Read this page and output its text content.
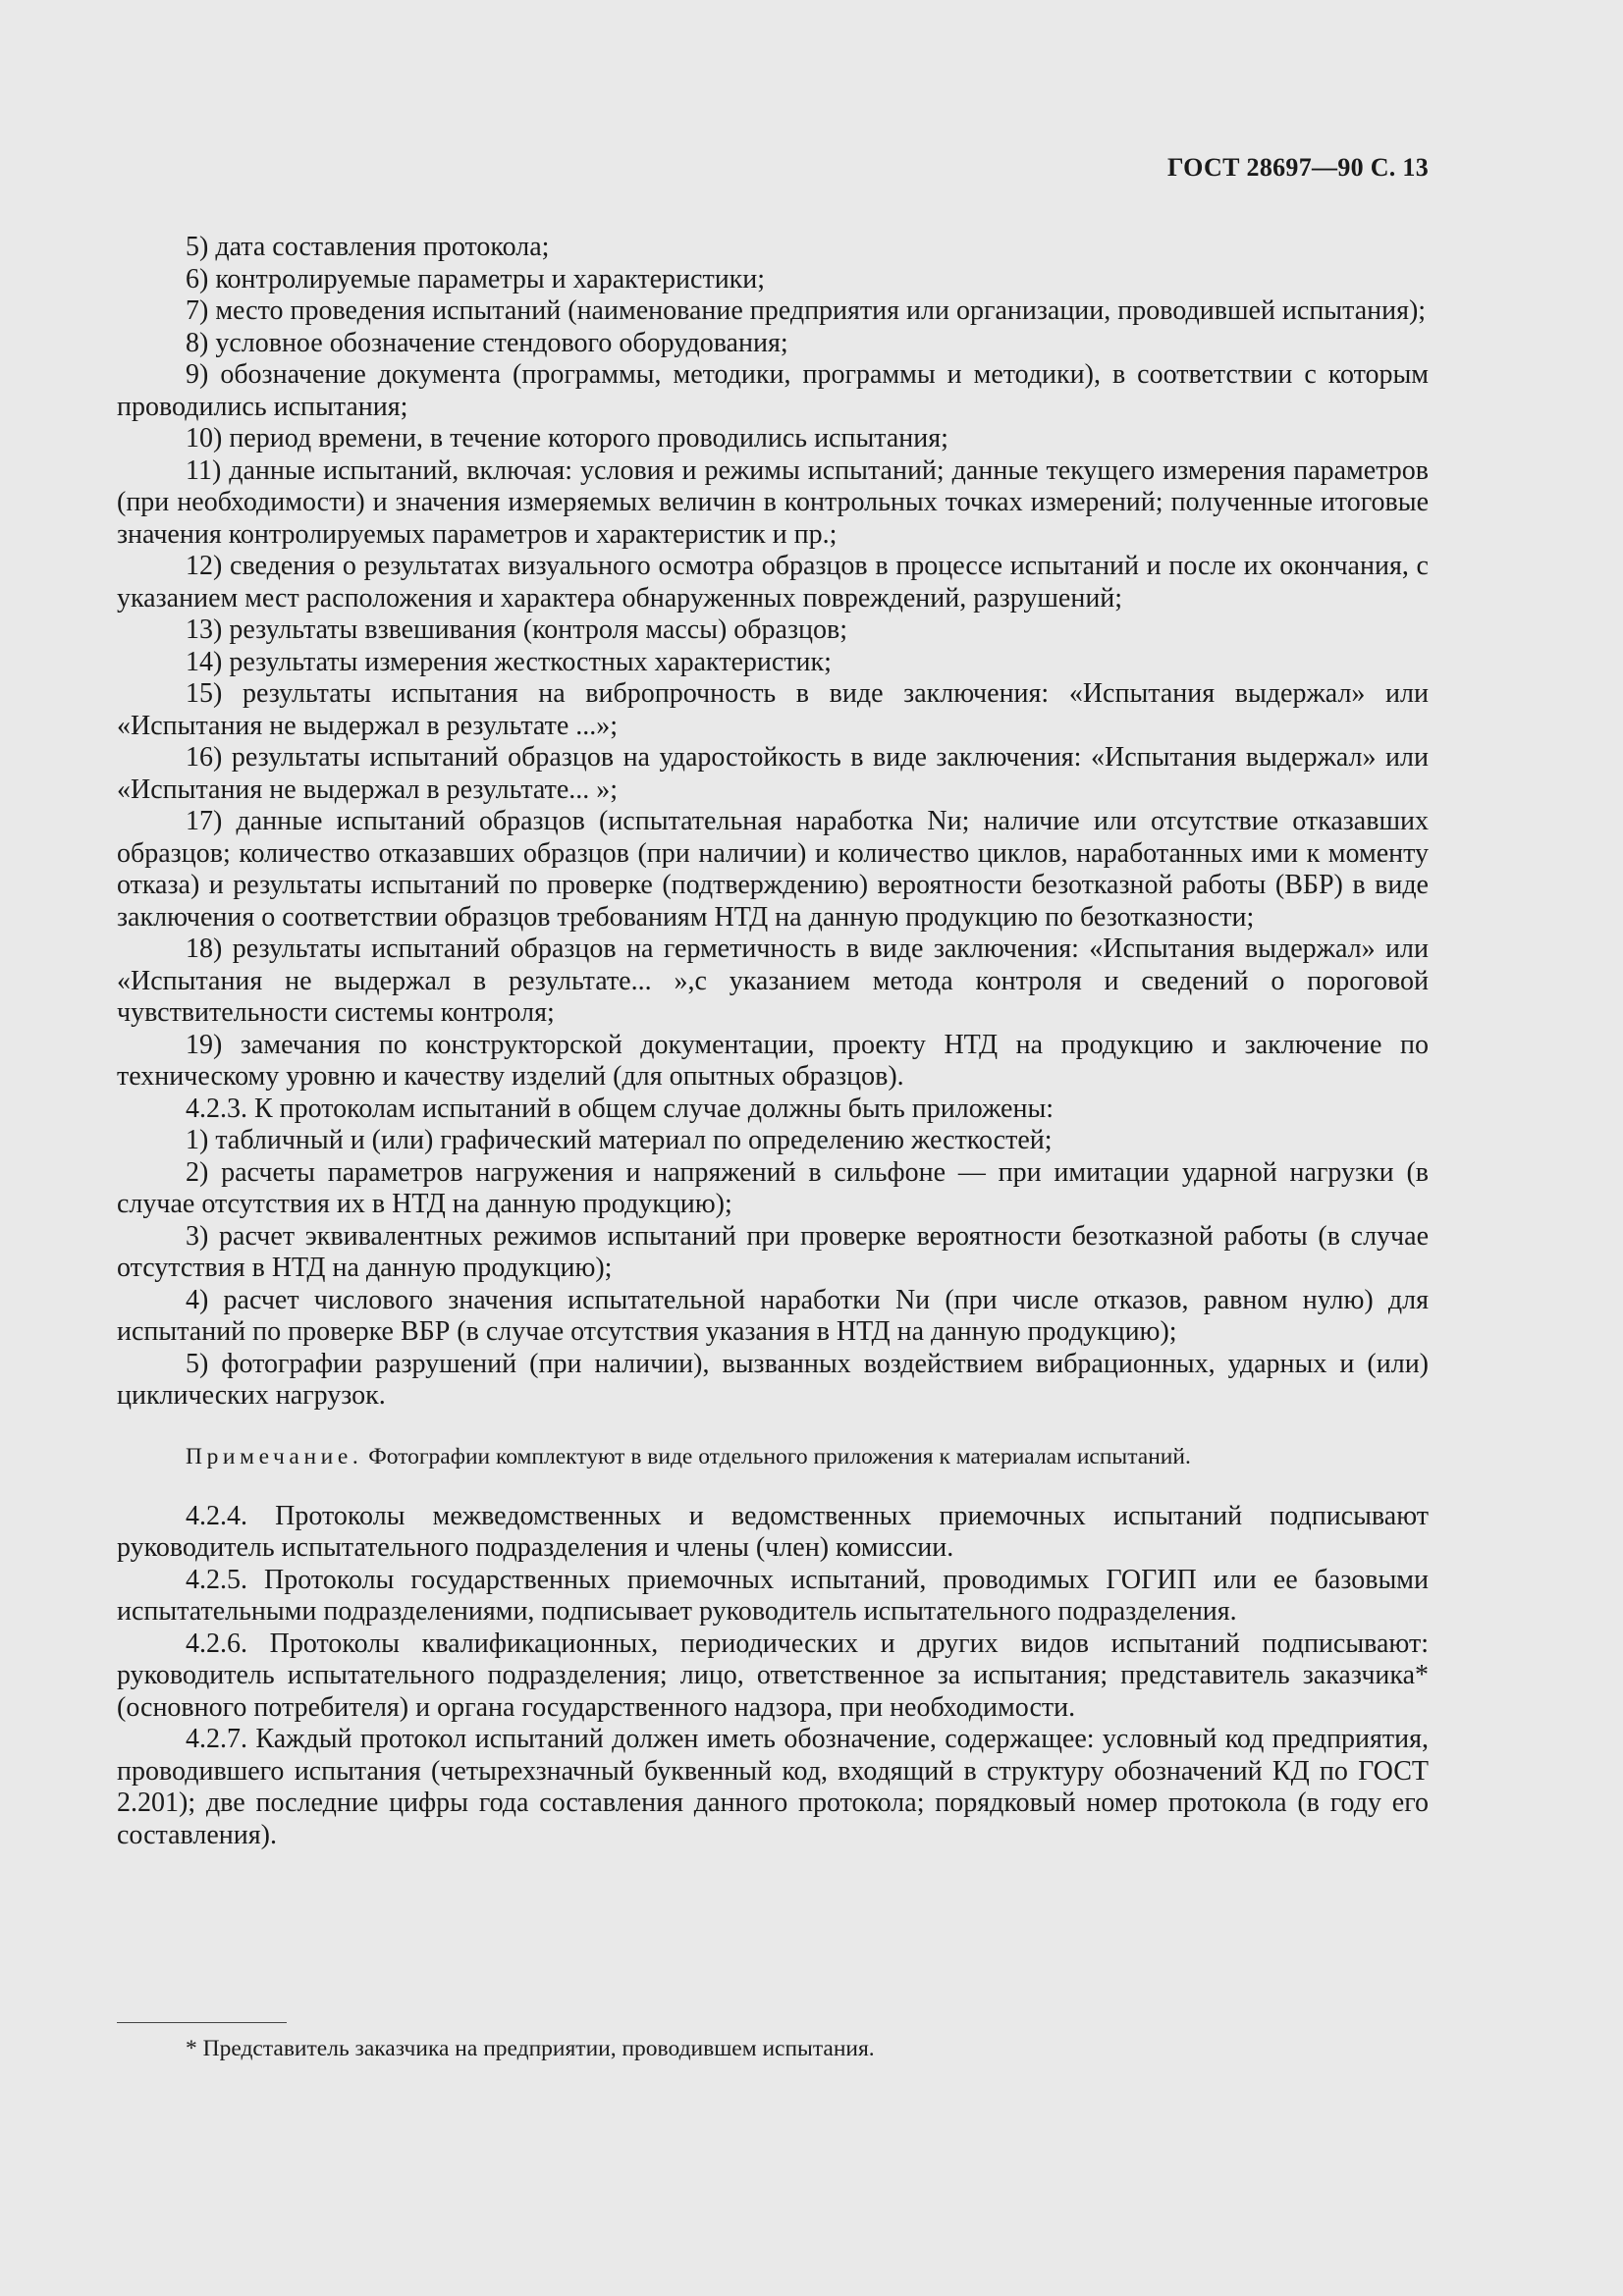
ГОСТ 28697—90 С. 13

5) дата составления протокола;

6) контролируемые параметры и характеристики;

7) место проведения испытаний (наименование предприятия или организации, проводившей испытания);

8) условное обозначение стендового оборудования;

9) обозначение документа (программы, методики, программы и методики), в соответствии с которым проводились испытания;

10) период времени, в течение которого проводились испытания;

11) данные испытаний, включая: условия и режимы испытаний; данные текущего измерения параметров (при необходимости) и значения измеряемых величин в контрольных точках измерений; полученные итоговые значения контролируемых параметров и характеристик и пр.;

12) сведения о результатах визуального осмотра образцов в процессе испытаний и после их окончания, с указанием мест расположения и характера обнаруженных повреждений, разрушений;

13) результаты взвешивания (контроля массы) образцов;

14) результаты измерения жесткостных характеристик;

15) результаты испытания на вибропрочность в виде заключения: «Испытания выдержал» или «Испытания не выдержал в результате ...»;

16) результаты испытаний образцов на ударостойкость в виде заключения: «Испытания выдержал» или «Испытания не выдержал в результате... »;

17) данные испытаний образцов (испытательная наработка Nи; наличие или отсутствие отказавших образцов; количество отказавших образцов (при наличии) и количество циклов, наработанных ими к моменту отказа) и результаты испытаний по проверке (подтверждению) вероятности безотказной работы (ВБР) в виде заключения о соответствии образцов требованиям НТД на данную продукцию по безотказности;

18) результаты испытаний образцов на герметичность в виде заключения: «Испытания выдержал» или «Испытания не выдержал в результате... »,с указанием метода контроля и сведений о пороговой чувствительности системы контроля;

19) замечания по конструкторской документации, проекту НТД на продукцию и заключение по техническому уровню и качеству изделий (для опытных образцов).

4.2.3. К протоколам испытаний в общем случае должны быть приложены:

1) табличный и (или) графический материал по определению жесткостей;

2) расчеты параметров нагружения и напряжений в сильфоне — при имитации ударной нагрузки (в случае отсутствия их в НТД на данную продукцию);

3) расчет эквивалентных режимов испытаний при проверке вероятности безотказной работы (в случае отсутствия в НТД на данную продукцию);

4) расчет числового значения испытательной наработки Nи (при числе отказов, равном нулю) для испытаний по проверке ВБР (в случае отсутствия указания в НТД на данную продукцию);

5) фотографии разрушений (при наличии), вызванных воздействием вибрационных, ударных и (или) циклических нагрузок.

Примечание. Фотографии комплектуют в виде отдельного приложения к материалам испытаний.

4.2.4. Протоколы межведомственных и ведомственных приемочных испытаний подписывают руководитель испытательного подразделения и члены (член) комиссии.

4.2.5. Протоколы государственных приемочных испытаний, проводимых ГОГИП или ее базовыми испытательными подразделениями, подписывает руководитель испытательного подразделения.

4.2.6. Протоколы квалификационных, периодических и других видов испытаний подписывают: руководитель испытательного подразделения; лицо, ответственное за испытания; представитель заказчика* (основного потребителя) и органа государственного надзора, при необходимости.

4.2.7. Каждый протокол испытаний должен иметь обозначение, содержащее: условный код предприятия, проводившего испытания (четырехзначный буквенный код, входящий в структуру обозначений КД по ГОСТ 2.201); две последние цифры года составления данного протокола; порядковый номер протокола (в году его составления).

* Представитель заказчика на предприятии, проводившем испытания.
